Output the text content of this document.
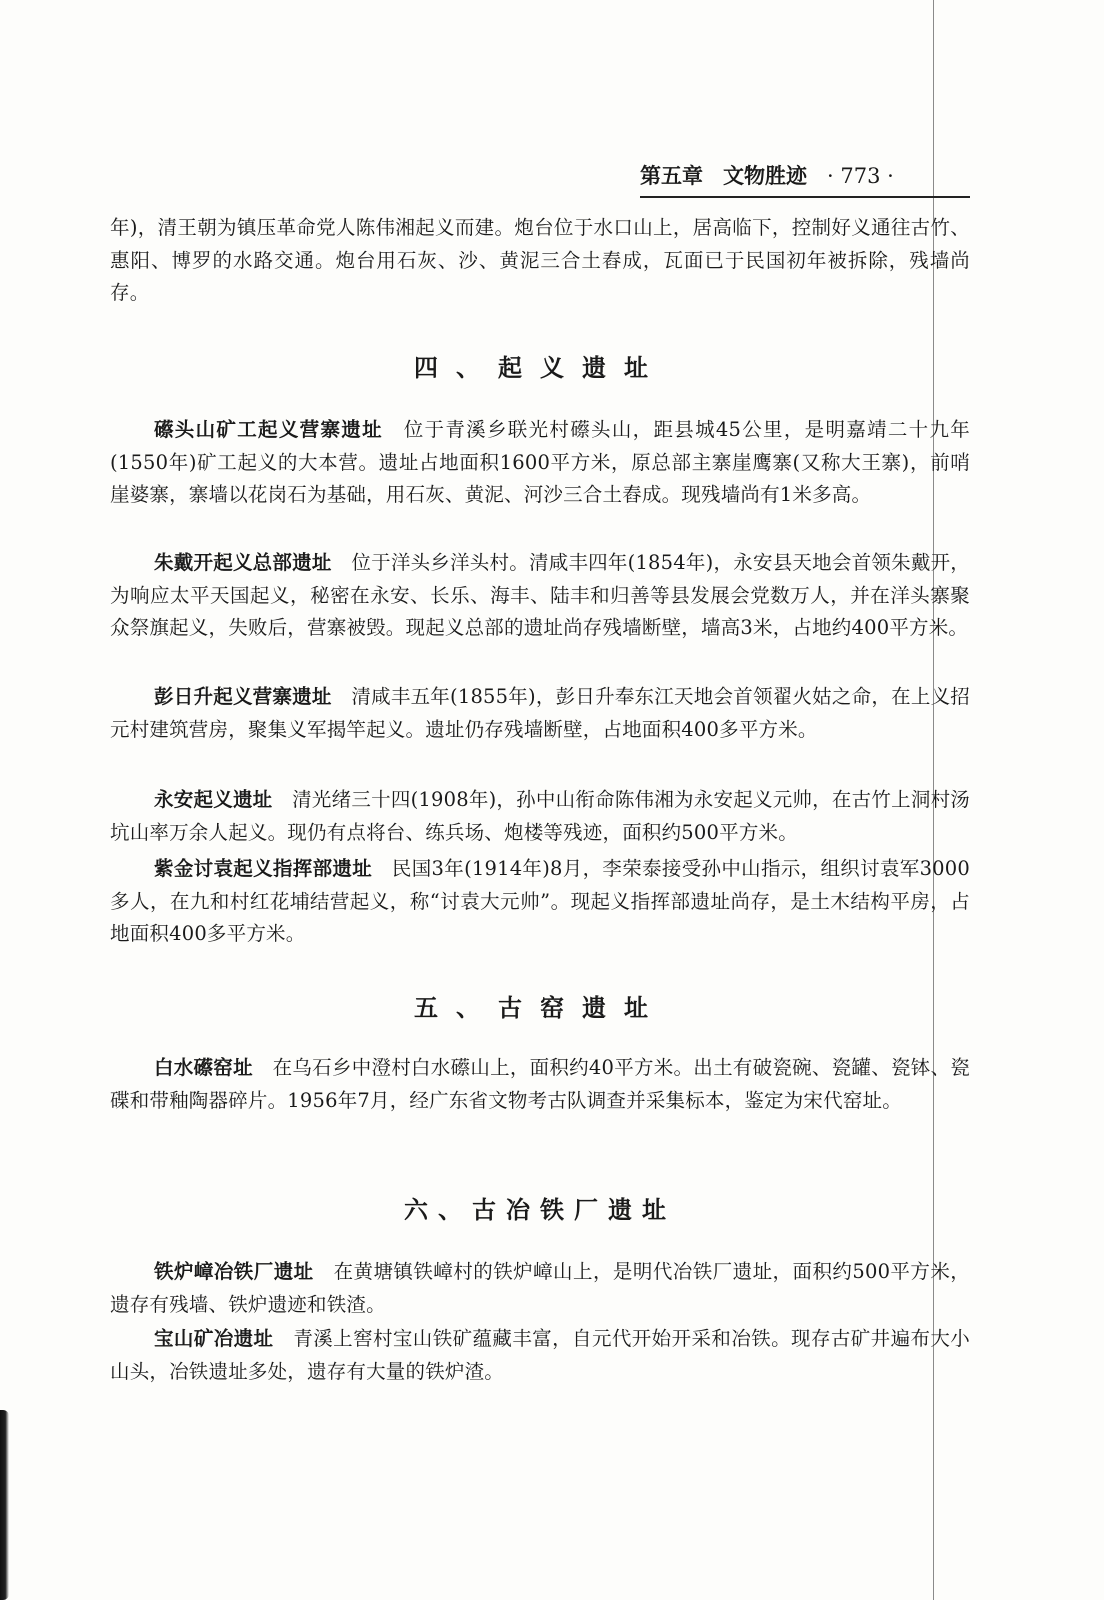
第五章 文物胜迹 · 773 ·

年)，清王朝为镇压革命党人陈伟湘起义而建。炮台位于水口山上，居高临下，控制好义通往古竹、惠阳、博罗的水路交通。炮台用石灰、沙、黄泥三合土舂成，瓦面已于民国初年被拆除，残墙尚存。

四、起义遗址

礤头山矿工起义营寨遗址　位于青溪乡联光村礤头山，距县城45公里，是明嘉靖二十九年(1550年)矿工起义的大本营。遗址占地面积1600平方米，原总部主寨崖鹰寨(又称大王寨)，前哨崖婆寨，寨墙以花岗石为基础，用石灰、黄泥、河沙三合土舂成。现残墙尚有1米多高。

朱戴开起义总部遗址　位于洋头乡洋头村。清咸丰四年(1854年)，永安县天地会首领朱戴开，为响应太平天国起义，秘密在永安、长乐、海丰、陆丰和归善等县发展会党数万人，并在洋头寨聚众祭旗起义，失败后，营寨被毁。现起义总部的遗址尚存残墙断壁，墙高3米，占地约400平方米。

彭日升起义营寨遗址　清咸丰五年(1855年)，彭日升奉东江天地会首领翟火姑之命，在上义招元村建筑营房，聚集义军揭竿起义。遗址仍存残墙断壁，占地面积400多平方米。

永安起义遗址　清光绪三十四(1908年)，孙中山衔命陈伟湘为永安起义元帅，在古竹上洞村汤坑山率万余人起义。现仍有点将台、练兵场、炮楼等残迹，面积约500平方米。

紫金讨袁起义指挥部遗址　民国3年(1914年)8月，李荣泰接受孙中山指示，组织讨袁军3000多人，在九和村红花埔结营起义，称“讨袁大元帅”。现起义指挥部遗址尚存，是土木结构平房，占地面积400多平方米。

五、古窑遗址

白水礤窑址　在乌石乡中澄村白水礤山上，面积约40平方米。出土有破瓷碗、瓷罐、瓷钵、瓷碟和带釉陶器碎片。1956年7月，经广东省文物考古队调查并采集标本，鉴定为宋代窑址。

六、古冶铁厂遗址

铁炉嶂冶铁厂遗址　在黄塘镇铁嶂村的铁炉嶂山上，是明代冶铁厂遗址，面积约500平方米，遗存有残墙、铁炉遗迹和铁渣。

宝山矿冶遗址　青溪上窖村宝山铁矿蕴藏丰富，自元代开始开采和冶铁。现存古矿井遍布大小山头，冶铁遗址多处，遗存有大量的铁炉渣。
